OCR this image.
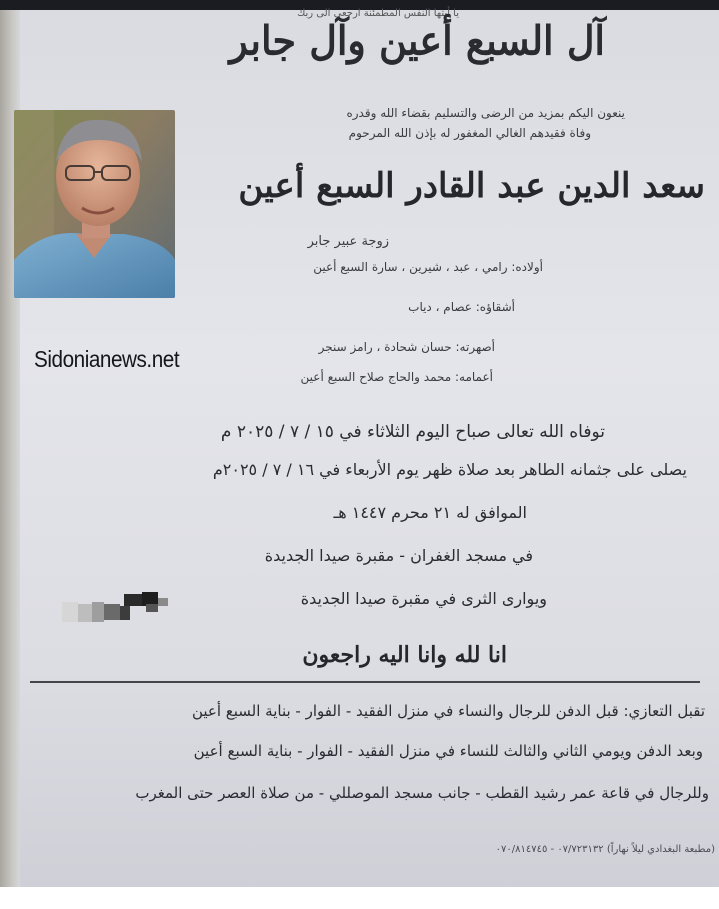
يا أيتها النفس المطمئنة ارجعي الى ربك
آل السبع أعين وآل جابر
ينعون اليكم بمزيد من الرضى والتسليم بقضاء الله وقدره
وفاة فقيدهم الغالي المغفور له بإذن الله المرحوم
سعد الدين عبد القادر السبع أعين
زوجة عبير جابر
أولاده: رامي ، عبد ، شيرين ، سارة السبع أعين
أشقاؤه: عصام ، دياب
أصهرته: حسان شحادة ، رامز سنجر
أعمامه: محمد والحاج صلاح السبع أعين
Sidonianews.net
توفاه الله تعالى صباح اليوم الثلاثاء في ١٥ / ٧ / ٢٠٢٥ م
يصلى على جثمانه الطاهر بعد صلاة ظهر يوم الأربعاء في ١٦ / ٧ / ٢٠٢٥م
الموافق له ٢١ محرم ١٤٤٧ هـ
في مسجد الغفران - مقبرة صيدا الجديدة
ويوارى الثرى في مقبرة صيدا الجديدة
انا لله وانا اليه راجعون
تقبل التعازي: قبل الدفن للرجال والنساء في منزل الفقيد - الفوار - بناية السبع أعين
وبعد الدفن ويومي الثاني والثالث للنساء في منزل الفقيد - الفوار - بناية السبع أعين
وللرجال في قاعة عمر رشيد القطب - جانب مسجد الموصللي - من صلاة العصر حتى المغرب
(مطبعة البغدادي ليلاً نهاراً) ٠٧/٧٢٣١٣٢ - ٠٧٠/٨١٤٧٤٥
